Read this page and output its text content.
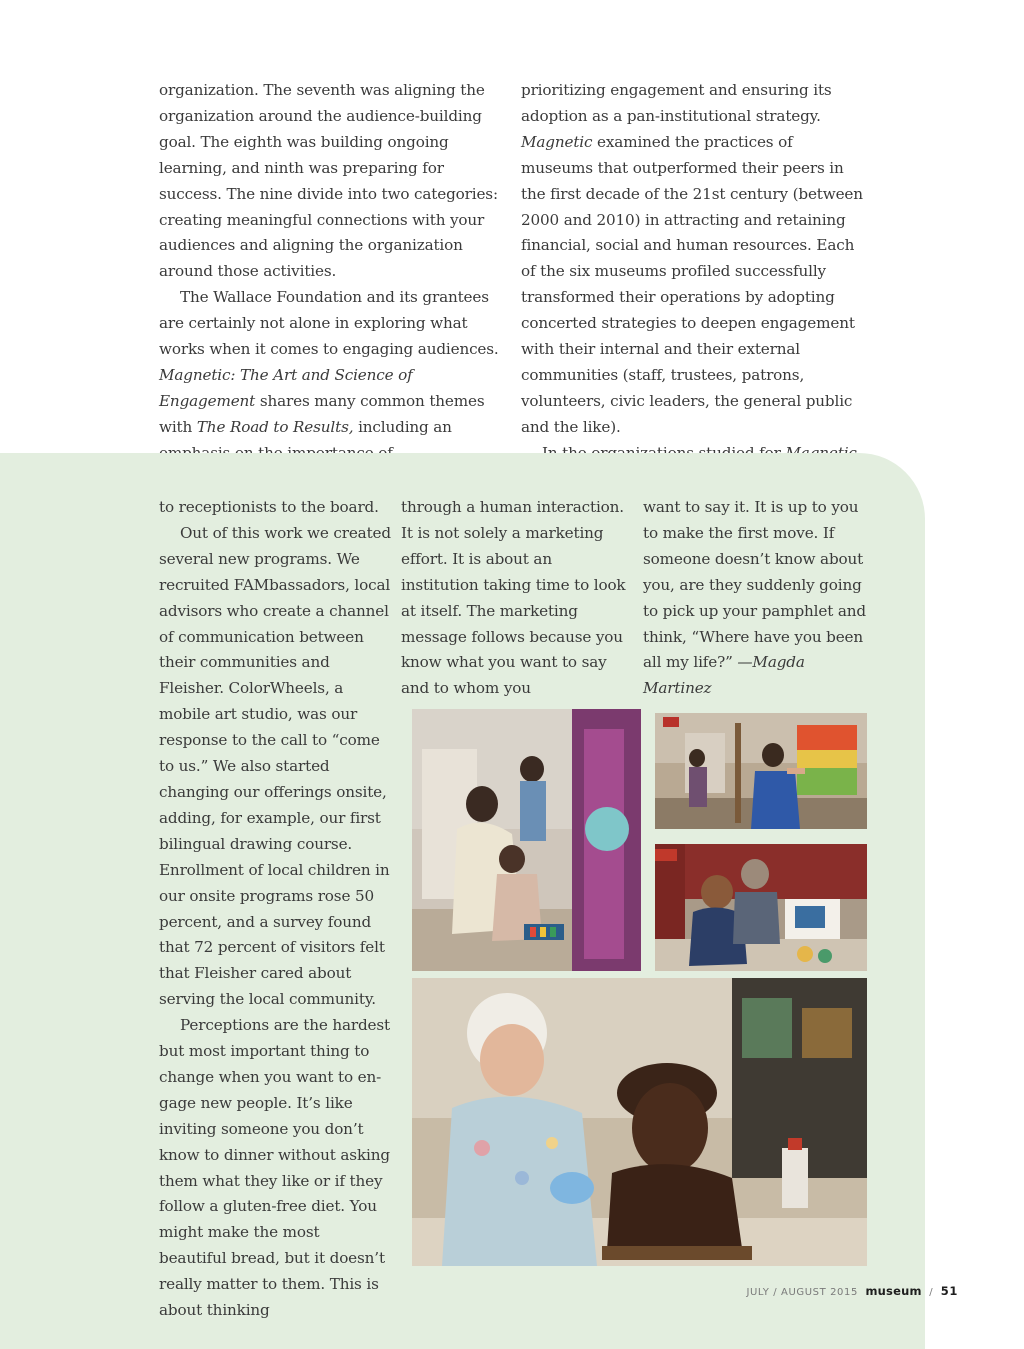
organization. The seventh was aligning the organization around the audience-building goal. The eighth was building ongoing learning, and ninth was preparing for success. The nine divide into two categories: creating meaningful connections with your audiences and aligning the organization around those activities.

The Wallace Foundation and its grantees are certainly not alone in exploring what works when it comes to engaging audiences. Magnetic: The Art and Science of Engagement shares many common themes with The Road to Results, including an

prioritizing engagement and ensuring its adoption as a pan-institutional strategy. Magnetic examined the practices of museums that outperformed their peers in the first decade of the 21st century (between 2000 and 2010) in attracting and retaining financial, social and human resources. Each of the six museums profiled successfully transformed their operations by adopting concerted strategies to deepen engagement with their internal and their external communities (staff, trustees, patrons, volunteers, civic leaders, the general public and the like).

to receptionists to the board.

Out of this work we created several new programs. We recruited FAMbassadors, local advisors who create a channel of communication between their communities and Fleisher. ColorWheels, a mobile art studio, was our response to the call to “come to us.” We also started changing our offerings onsite, adding, for example, our first bilingual drawing course. Enrollment of local children in our onsite programs rose 50 percent, and a survey found that 72 percent of visitors felt that Fleisher cared about serving the local community.

Perceptions are the hardest but most important thing to change when you want to engage new people. It’s like inviting someone you don’t know to dinner without asking them what they like or if they follow a gluten-free diet. You might make the most beautiful bread, but it doesn’t really matter to them. This is about thinking

through a human interaction. It is not solely a marketing effort. It is about an institution taking time to look at itself. The marketing message follows because you know what you want to say and to whom you

want to say it. It is up to you to make the first move. If someone doesn’t know about you, are they suddenly going to pick up your pamphlet and think, “Where have you been all my life?” —Magda Martinez

JULY / AUGUST 2015 museum / 51
